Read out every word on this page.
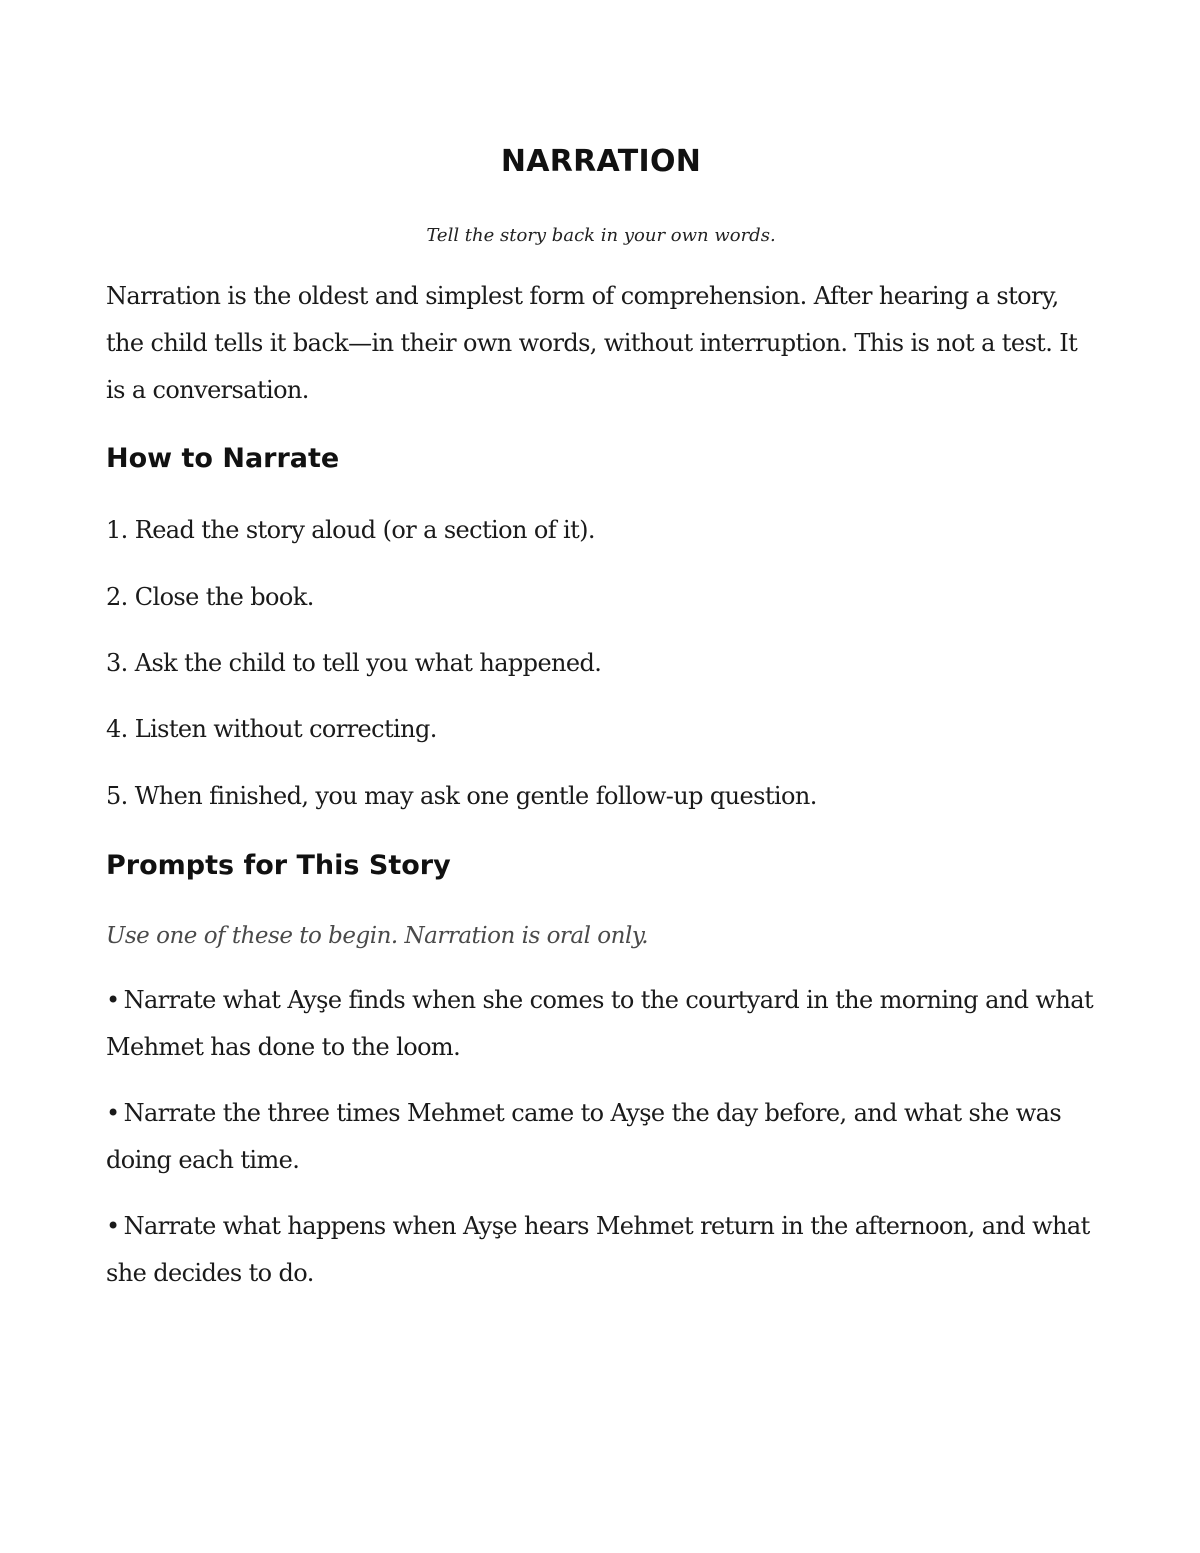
NARRATION

Tell the story back in your own words.

Narration is the oldest and simplest form of comprehension. After hearing a story, the child tells it back—in their own words, without interruption. This is not a test. It is a conversation.

How to Narrate

1. Read the story aloud (or a section of it).

2. Close the book.

3. Ask the child to tell you what happened.

4. Listen without correcting.

5. When finished, you may ask one gentle follow-up question.

Prompts for This Story

Use one of these to begin. Narration is oral only.

• Narrate what Ayşe finds when she comes to the courtyard in the morning and what Mehmet has done to the loom.

• Narrate the three times Mehmet came to Ayşe the day before, and what she was doing each time.

• Narrate what happens when Ayşe hears Mehmet return in the afternoon, and what she decides to do.
